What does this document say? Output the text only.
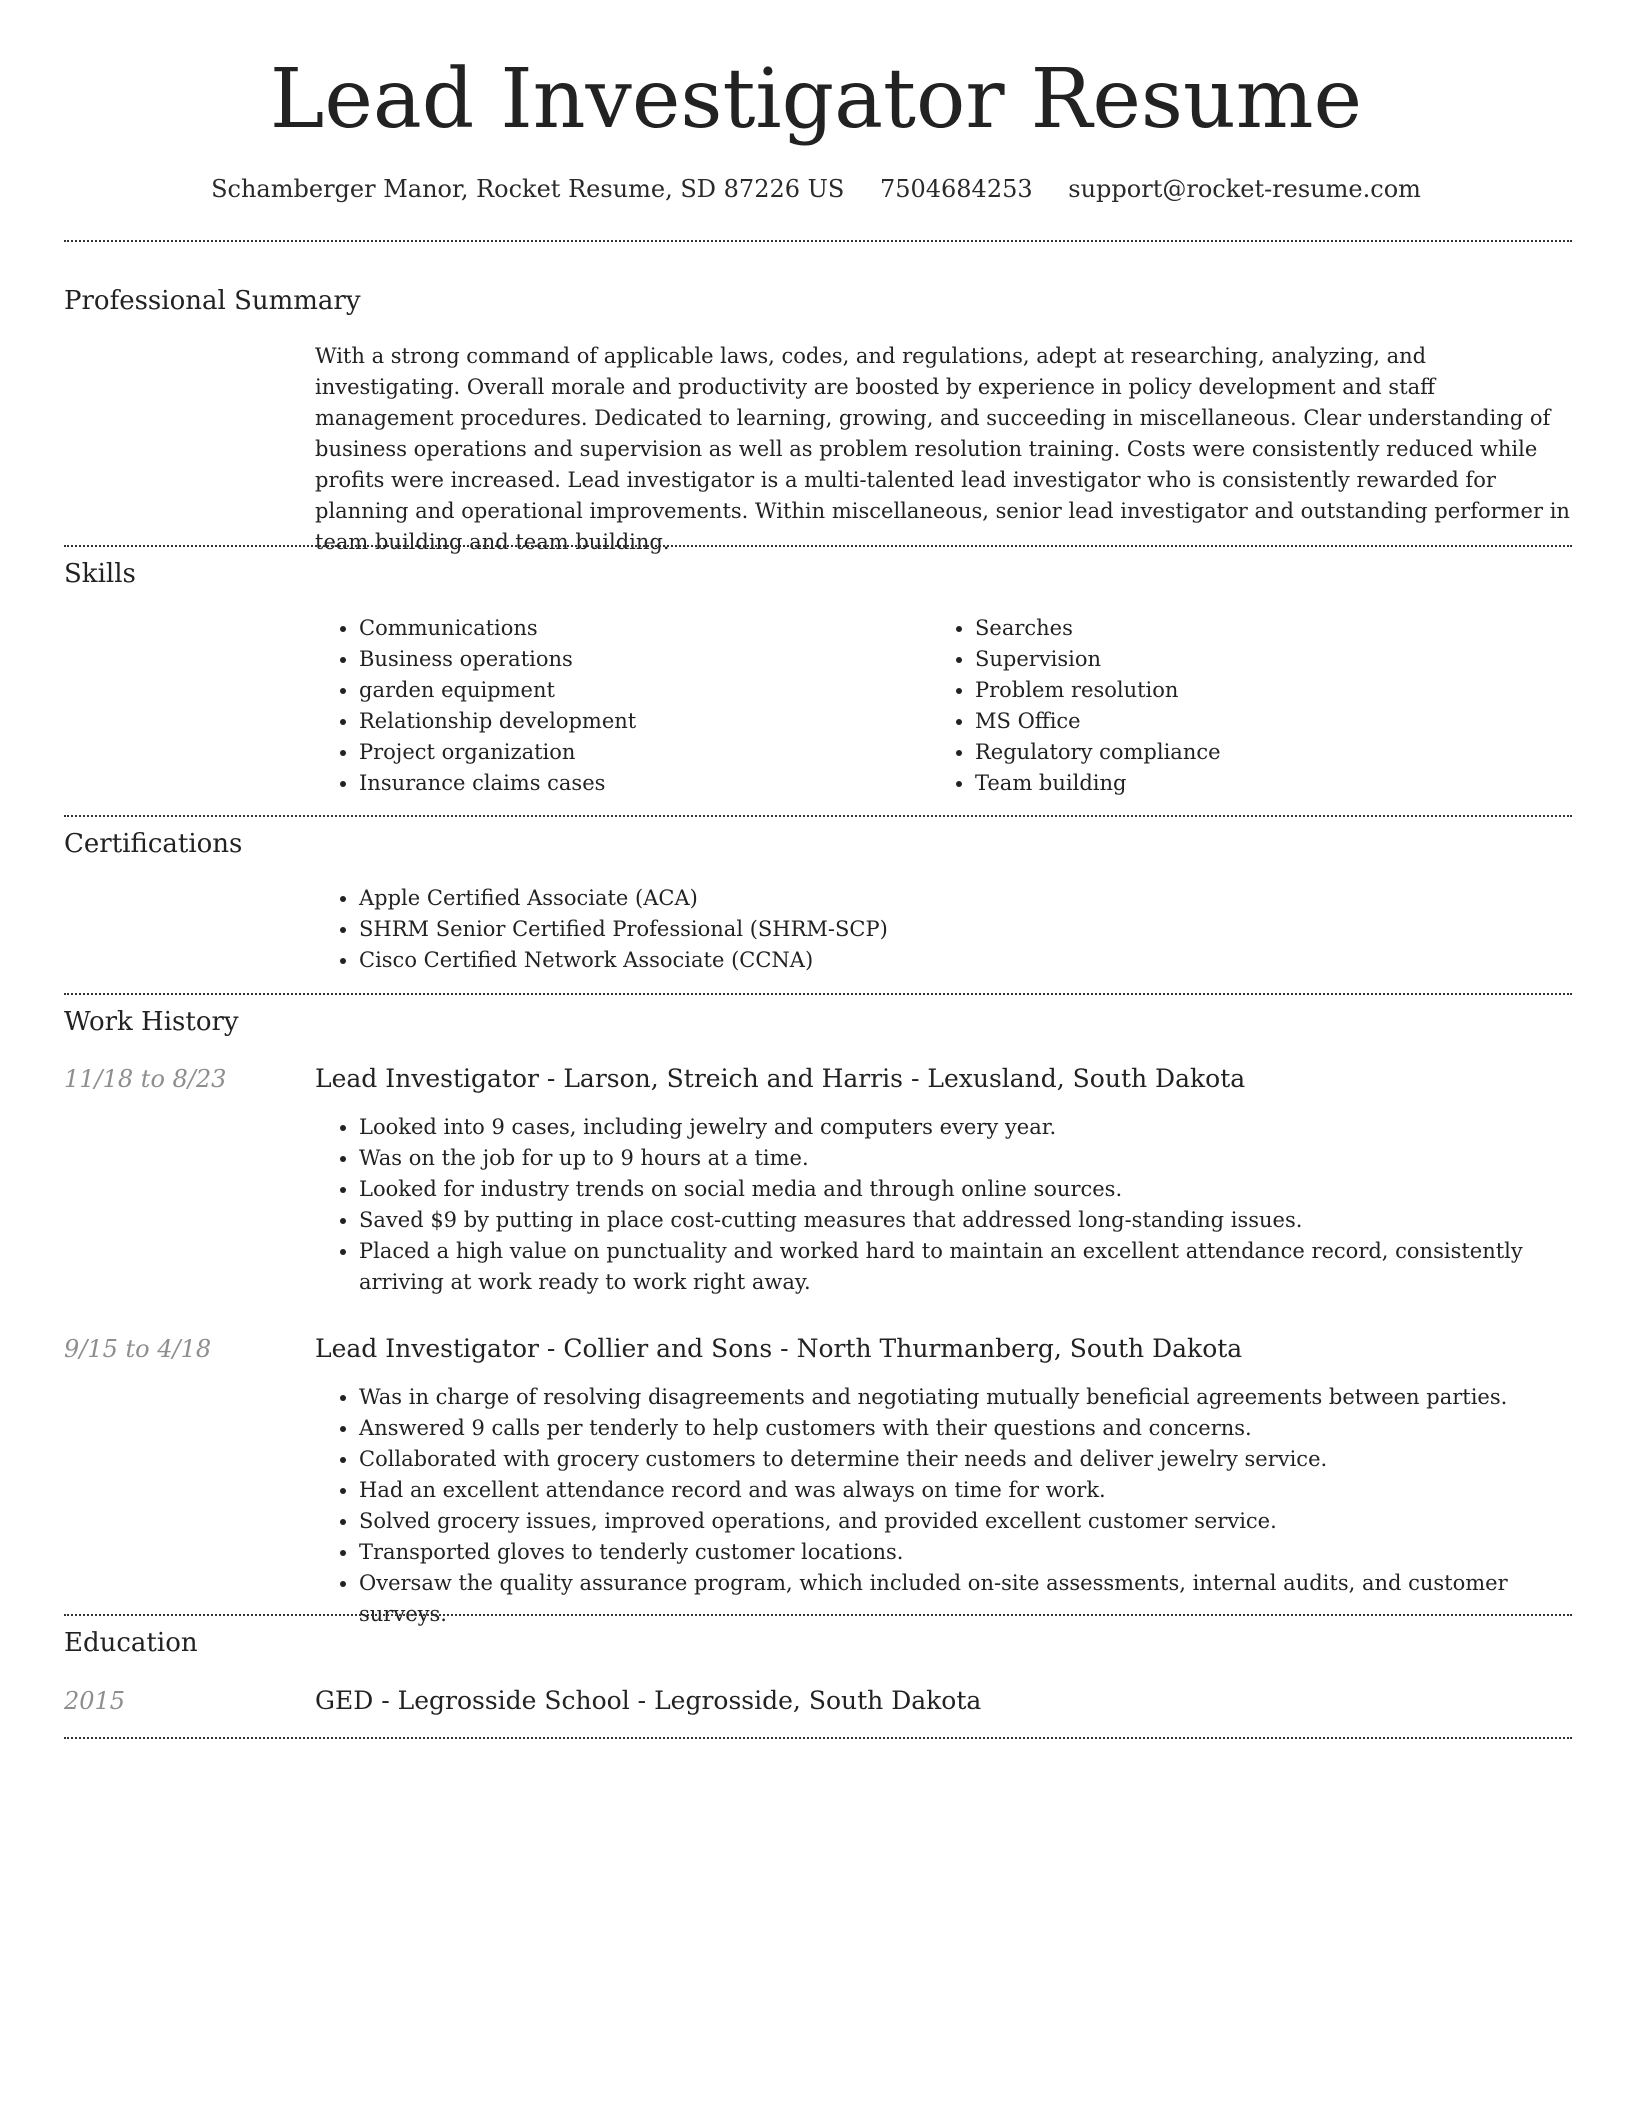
Lead Investigator Resume
Schamberger Manor, Rocket Resume, SD 87226 US 7504684253 support@rocket-resume.com
Professional Summary
With a strong command of applicable laws, codes, and regulations, adept at researching, analyzing, and investigating. Overall morale and productivity are boosted by experience in policy development and staff management procedures. Dedicated to learning, growing, and succeeding in miscellaneous. Clear understanding of business operations and supervision as well as problem resolution training. Costs were consistently reduced while profits were increased. Lead investigator is a multi-talented lead investigator who is consistently rewarded for planning and operational improvements. Within miscellaneous, senior lead investigator and outstanding performer in team building and team building.
Skills
• Communications
• Business operations
• garden equipment
• Relationship development
• Project organization
• Insurance claims cases
• Searches
• Supervision
• Problem resolution
• MS Office
• Regulatory compliance
• Team building
Certifications
• Apple Certified Associate (ACA)
• SHRM Senior Certified Professional (SHRM-SCP)
• Cisco Certified Network Associate (CCNA)
Work History
11/18 to 8/23	Lead Investigator - Larson, Streich and Harris - Lexusland, South Dakota
• Looked into 9 cases, including jewelry and computers every year.
• Was on the job for up to 9 hours at a time.
• Looked for industry trends on social media and through online sources.
• Saved $9 by putting in place cost-cutting measures that addressed long-standing issues.
• Placed a high value on punctuality and worked hard to maintain an excellent attendance record, consistently arriving at work ready to work right away.
9/15 to 4/18	Lead Investigator - Collier and Sons - North Thurmanberg, South Dakota
• Was in charge of resolving disagreements and negotiating mutually beneficial agreements between parties.
• Answered 9 calls per tenderly to help customers with their questions and concerns.
• Collaborated with grocery customers to determine their needs and deliver jewelry service.
• Had an excellent attendance record and was always on time for work.
• Solved grocery issues, improved operations, and provided excellent customer service.
• Transported gloves to tenderly customer locations.
• Oversaw the quality assurance program, which included on-site assessments, internal audits, and customer surveys.
Education
2015	GED - Legrosside School - Legrosside, South Dakota
